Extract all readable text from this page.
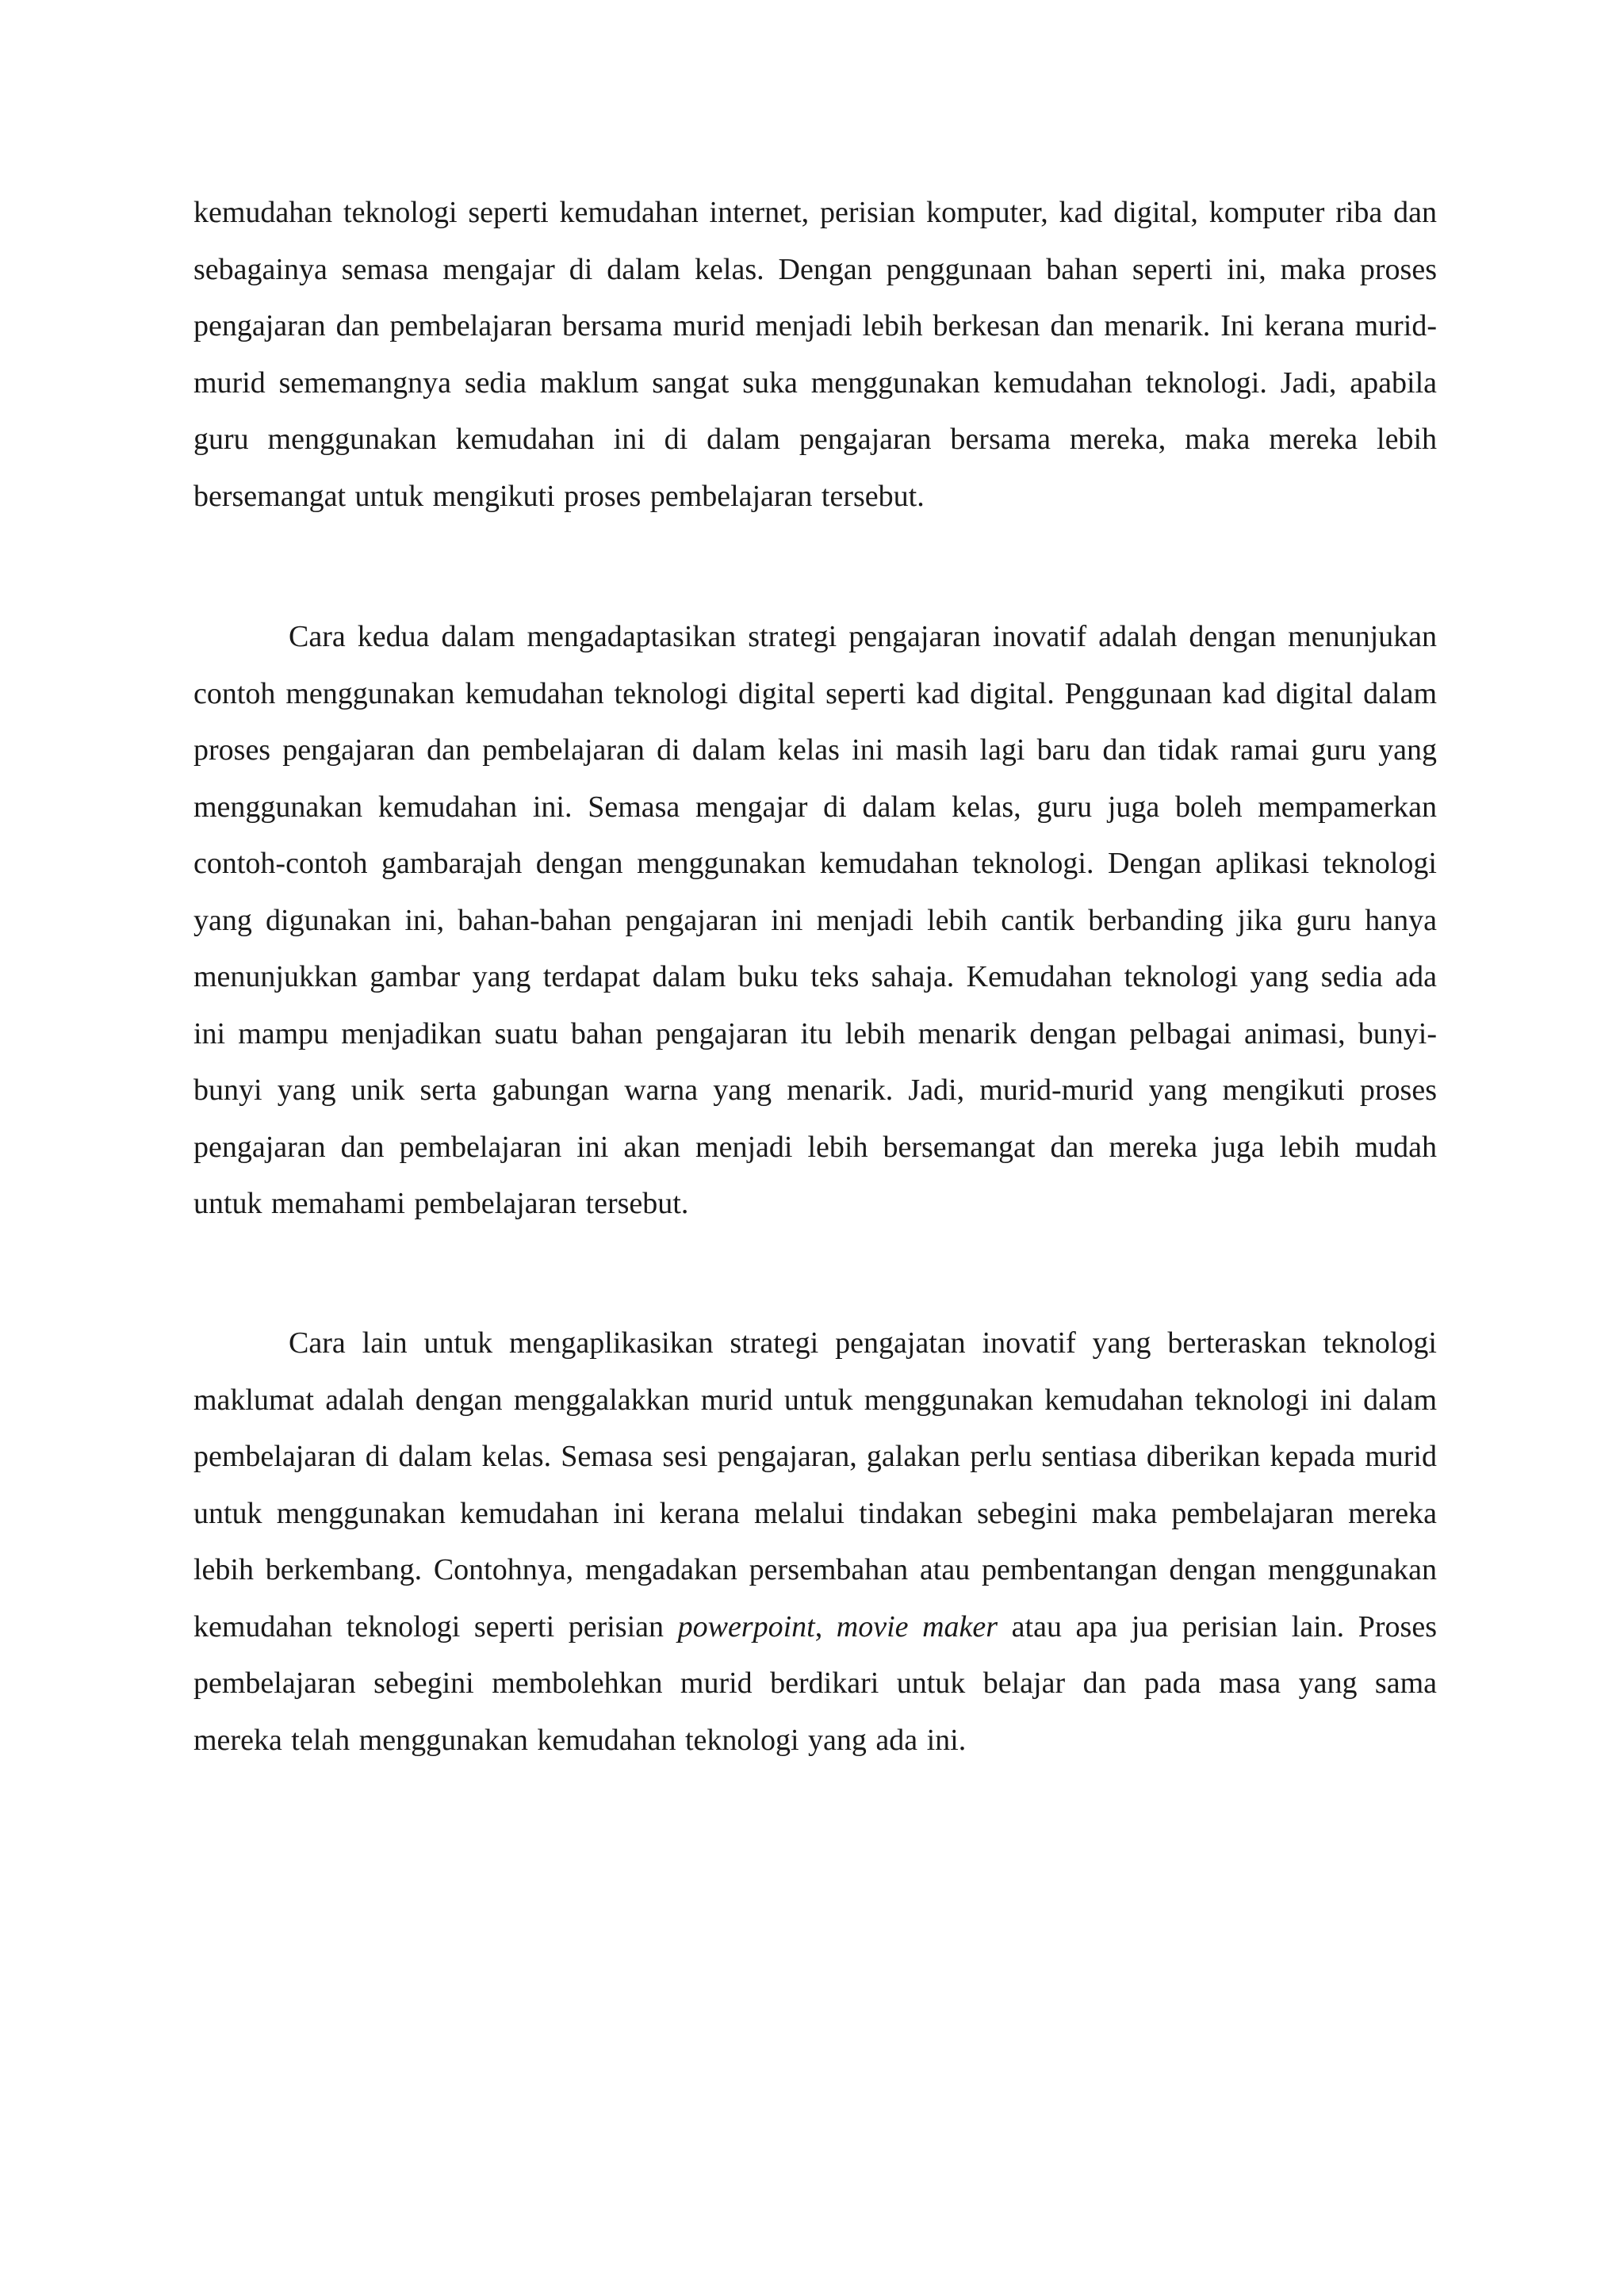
kemudahan teknologi seperti kemudahan internet, perisian komputer, kad digital, komputer riba dan sebagainya semasa mengajar di dalam kelas. Dengan penggunaan bahan seperti ini, maka proses pengajaran dan pembelajaran bersama murid menjadi lebih berkesan dan menarik. Ini kerana murid-murid sememangnya sedia maklum sangat suka menggunakan kemudahan teknologi. Jadi, apabila guru menggunakan kemudahan ini di dalam pengajaran bersama mereka, maka mereka lebih bersemangat untuk mengikuti proses pembelajaran tersebut.

Cara kedua dalam mengadaptasikan strategi pengajaran inovatif adalah dengan menunjukan contoh menggunakan kemudahan teknologi digital seperti kad digital. Penggunaan kad digital dalam proses pengajaran dan pembelajaran di dalam kelas ini masih lagi baru dan tidak ramai guru yang menggunakan kemudahan ini. Semasa mengajar di dalam kelas, guru juga boleh mempamerkan contoh-contoh gambarajah dengan menggunakan kemudahan teknologi. Dengan aplikasi teknologi yang digunakan ini, bahan-bahan pengajaran ini menjadi lebih cantik berbanding jika guru hanya menunjukkan gambar yang terdapat dalam buku teks sahaja. Kemudahan teknologi yang sedia ada ini mampu menjadikan suatu bahan pengajaran itu lebih menarik dengan pelbagai animasi, bunyi-bunyi yang unik serta gabungan warna yang menarik. Jadi, murid-murid yang mengikuti proses pengajaran dan pembelajaran ini akan menjadi lebih bersemangat dan mereka juga lebih mudah untuk memahami pembelajaran tersebut.

Cara lain untuk mengaplikasikan strategi pengajatan inovatif yang berteraskan teknologi maklumat adalah dengan menggalakkan murid untuk menggunakan kemudahan teknologi ini dalam pembelajaran di dalam kelas. Semasa sesi pengajaran, galakan perlu sentiasa diberikan kepada murid untuk menggunakan kemudahan ini kerana melalui tindakan sebegini maka pembelajaran mereka lebih berkembang. Contohnya, mengadakan persembahan atau pembentangan dengan menggunakan kemudahan teknologi seperti perisian powerpoint, movie maker atau apa jua perisian lain. Proses pembelajaran sebegini membolehkan murid berdikari untuk belajar dan pada masa yang sama mereka telah menggunakan kemudahan teknologi yang ada ini.
